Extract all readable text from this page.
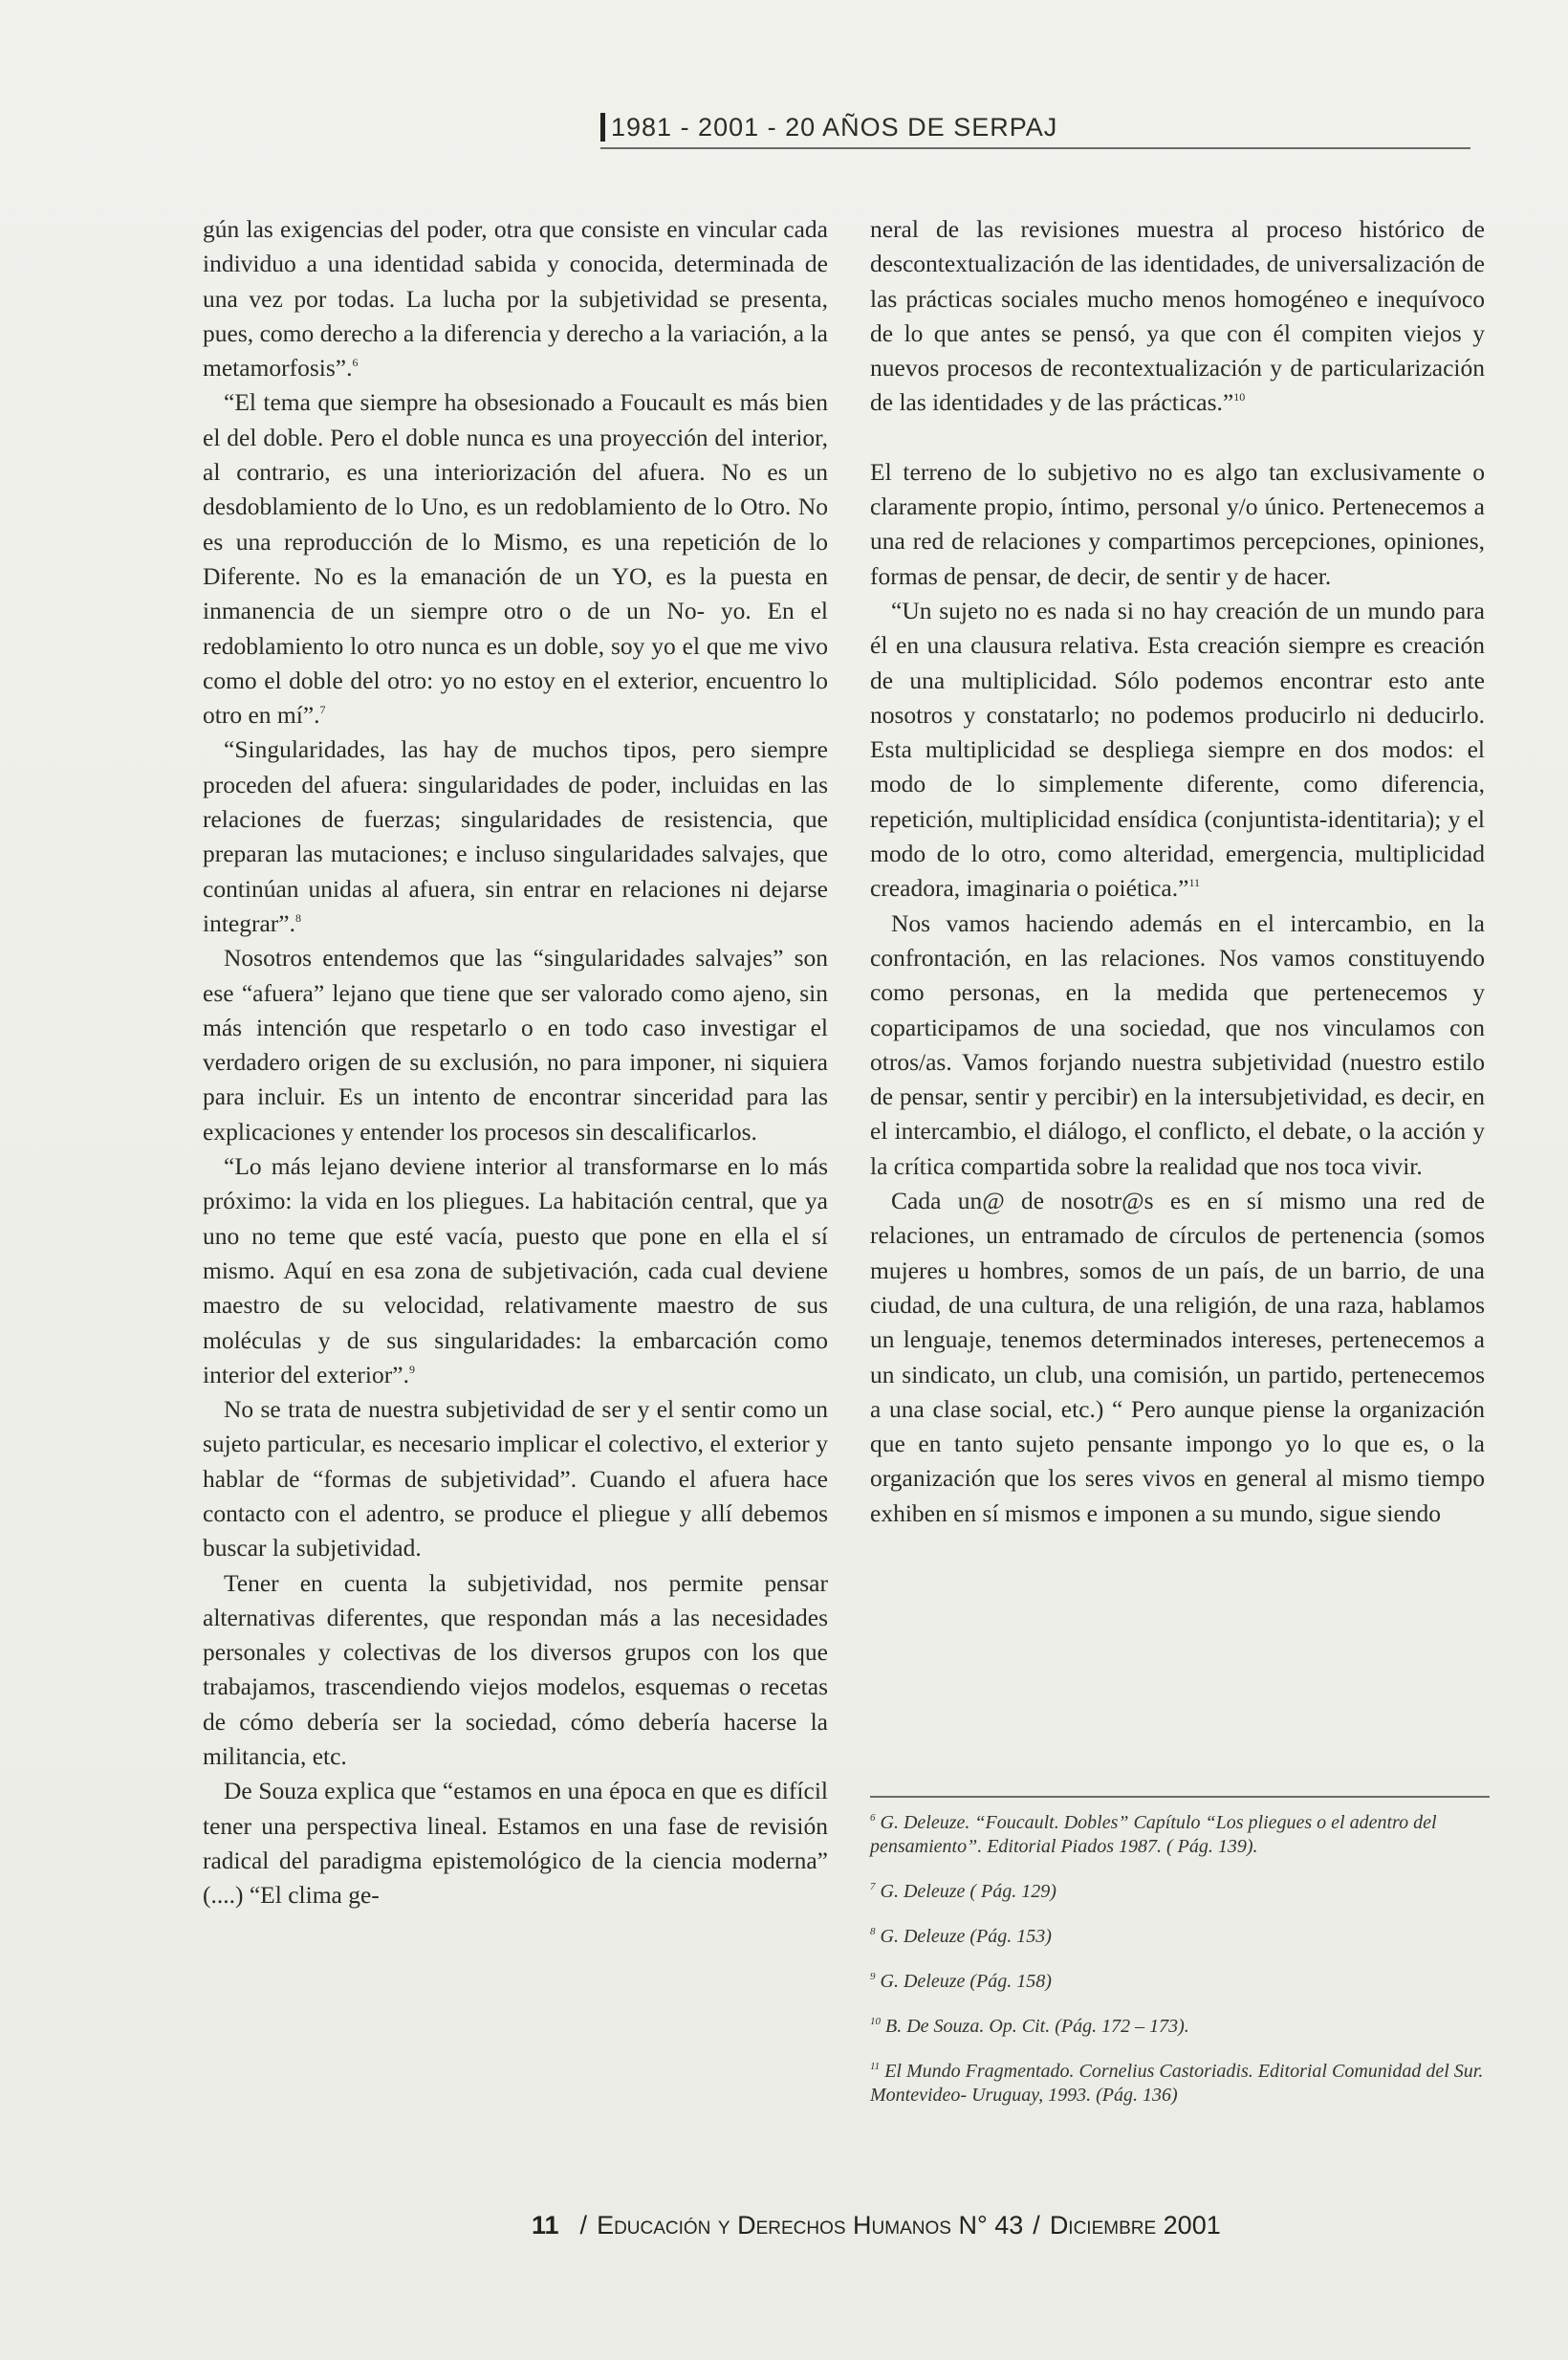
1981 - 2001 - 20 AÑOS DE SERPAJ

gún las exigencias del poder, otra que consiste en vincular cada individuo a una identidad sabida y conocida, determinada de una vez por todas. La lucha por la subjetividad se presenta, pues, como derecho a la diferencia y derecho a la variación, a la metamorfosis”.$^6$

“El tema que siempre ha obsesionado a Foucault es más bien el del doble. Pero el doble nunca es una proyección del interior, al contrario, es una interiorización del afuera. No es un desdoblamiento de lo Uno, es un redoblamiento de lo Otro. No es una reproducción de lo Mismo, es una repetición de lo Diferente. No es la emanación de un YO, es la puesta en inmanencia de un siempre otro o de un No- yo. En el redoblamiento lo otro nunca es un doble, soy yo el que me vivo como el doble del otro: yo no estoy en el exterior, encuentro lo otro en mí”.$^7$

“Singularidades, las hay de muchos tipos, pero siempre proceden del afuera: singularidades de poder, incluidas en las relaciones de fuerzas; singularidades de resistencia, que preparan las mutaciones; e incluso singularidades salvajes, que continúan unidas al afuera, sin entrar en relaciones ni dejarse integrar”.$^8$

Nosotros entendemos que las “singularidades salvajes” son ese “afuera” lejano que tiene que ser valorado como ajeno, sin más intención que respetarlo o en todo caso investigar el verdadero origen de su exclusión, no para imponer, ni siquiera para incluir. Es un intento de encontrar sinceridad para las explicaciones y entender los procesos sin descalificarlos.

“Lo más lejano deviene interior al transformarse en lo más próximo: la vida en los pliegues. La habitación central, que ya uno no teme que esté vacía, puesto que pone en ella el sí mismo. Aquí en esa zona de subjetivación, cada cual deviene maestro de su velocidad, relativamente maestro de sus moléculas y de sus singularidades: la embarcación como interior del exterior”.$^9$

No se trata de nuestra subjetividad de ser y el sentir como un sujeto particular, es necesario implicar el colectivo, el exterior y hablar de “formas de subjetividad”. Cuando el afuera hace contacto con el adentro, se produce el pliegue y allí debemos buscar la subjetividad.

Tener en cuenta la subjetividad, nos permite pensar alternativas diferentes, que respondan más a las necesidades personales y colectivas de los diversos grupos con los que trabajamos, trascendiendo viejos modelos, esquemas o recetas de cómo debería ser la sociedad, cómo debería hacerse la militancia, etc.

De Souza explica que “estamos en una época en que es difícil tener una perspectiva lineal. Estamos en una fase de revisión radical del paradigma epistemológico de la ciencia moderna” (....) “El clima ge-

neral de las revisiones muestra al proceso histórico de descontextualización de las identidades, de universalización de las prácticas sociales mucho menos homogéneo e inequívoco de lo que antes se pensó, ya que con él compiten viejos y nuevos procesos de recontextualización y de particularización de las identidades y de las prácticas.”$^{10}$

El terreno de lo subjetivo no es algo tan exclusivamente o claramente propio, íntimo, personal y/o único. Pertenecemos a una red de relaciones y compartimos percepciones, opiniones, formas de pensar, de decir, de sentir y de hacer.

“Un sujeto no es nada si no hay creación de un mundo para él en una clausura relativa. Esta creación siempre es creación de una multiplicidad. Sólo podemos encontrar esto ante nosotros y constatarlo; no podemos producirlo ni deducirlo. Esta multiplicidad se despliega siempre en dos modos: el modo de lo simplemente diferente, como diferencia, repetición, multiplicidad ensídica (conjuntista-identitaria); y el modo de lo otro, como alteridad, emergencia, multiplicidad creadora, imaginaria o poiética.”$^{11}$

Nos vamos haciendo además en el intercambio, en la confrontación, en las relaciones. Nos vamos constituyendo como personas, en la medida que pertenecemos y coparticipamos de una sociedad, que nos vinculamos con otros/as. Vamos forjando nuestra subjetividad (nuestro estilo de pensar, sentir y percibir) en la intersubjetividad, es decir, en el intercambio, el diálogo, el conflicto, el debate, o la acción y la crítica compartida sobre la realidad que nos toca vivir.

Cada un@ de nosotr@s es en sí mismo una red de relaciones, un entramado de círculos de pertenencia (somos mujeres u hombres, somos de un país, de un barrio, de una ciudad, de una cultura, de una religión, de una raza, hablamos un lenguaje, tenemos determinados intereses, pertenecemos a un sindicato, un club, una comisión, un partido, pertenecemos a una clase social, etc.) “ Pero aunque piense la organización que en tanto sujeto pensante impongo yo lo que es, o la organización que los seres vivos en general al mismo tiempo exhiben en sí mismos e imponen a su mundo, sigue siendo

$^6$ G. Deleuze. “Foucault. Dobles” Capítulo “Los pliegues o el adentro del pensamiento”. Editorial Piados 1987. ( Pág. 139).

$^7$ G. Deleuze ( Pág. 129)

$^8$ G. Deleuze (Pág. 153)

$^9$ G. Deleuze (Pág. 158)

$^{10}$ B. De Souza. Op. Cit. (Pág. 172 – 173).

$^{11}$ El Mundo Fragmentado. Cornelius Castoriadis. Editorial Comunidad del Sur. Montevideo- Uruguay, 1993. (Pág. 136)

11 / Educación y Derechos Humanos N° 43 / Diciembre 2001
